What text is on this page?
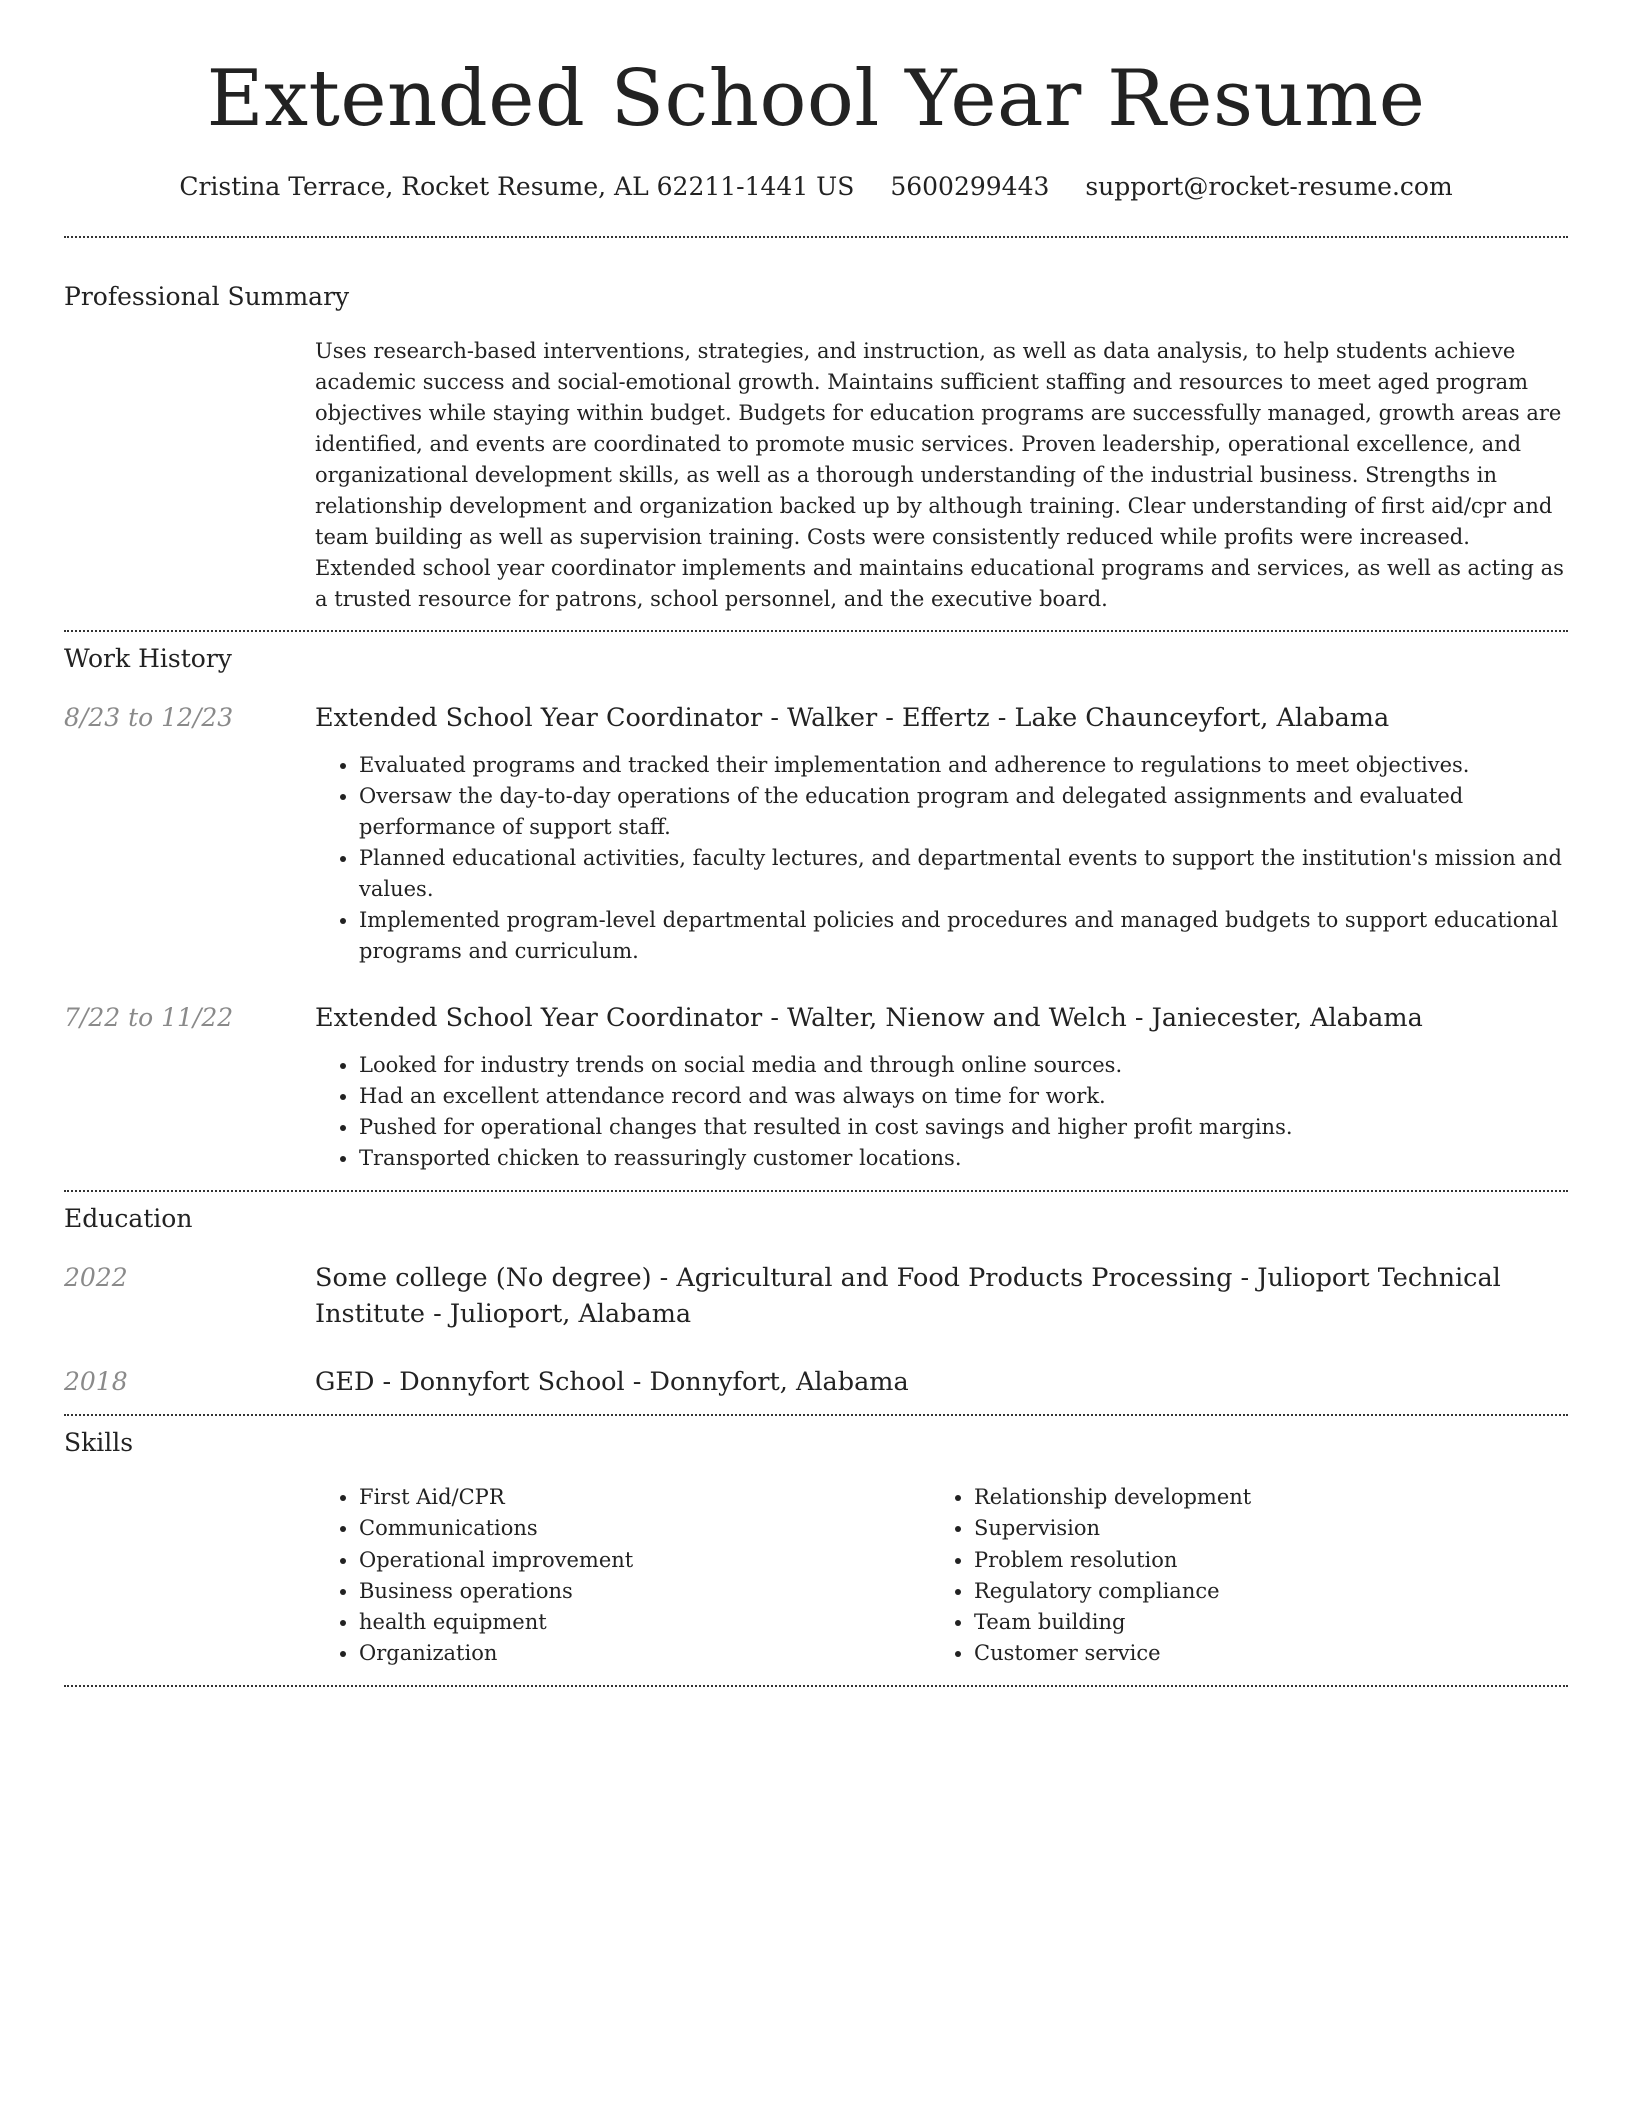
Extended School Year Resume
Cristina Terrace, Rocket Resume, AL 62211-1441 US 5600299443 support@rocket-resume.com
Professional Summary
Uses research-based interventions, strategies, and instruction, as well as data analysis, to help students achieve academic success and social-emotional growth. Maintains sufficient staffing and resources to meet aged program objectives while staying within budget. Budgets for education programs are successfully managed, growth areas are identified, and events are coordinated to promote music services. Proven leadership, operational excellence, and organizational development skills, as well as a thorough understanding of the industrial business. Strengths in relationship development and organization backed up by although training. Clear understanding of first aid/cpr and team building as well as supervision training. Costs were consistently reduced while profits were increased. Extended school year coordinator implements and maintains educational programs and services, as well as acting as a trusted resource for patrons, school personnel, and the executive board.
Work History
8/23 to 12/23	Extended School Year Coordinator - Walker - Effertz - Lake Chaunceyfort, Alabama
• Evaluated programs and tracked their implementation and adherence to regulations to meet objectives.
• Oversaw the day-to-day operations of the education program and delegated assignments and evaluated performance of support staff.
• Planned educational activities, faculty lectures, and departmental events to support the institution's mission and values.
• Implemented program-level departmental policies and procedures and managed budgets to support educational programs and curriculum.
7/22 to 11/22	Extended School Year Coordinator - Walter, Nienow and Welch - Janiecester, Alabama
• Looked for industry trends on social media and through online sources.
• Had an excellent attendance record and was always on time for work.
• Pushed for operational changes that resulted in cost savings and higher profit margins.
• Transported chicken to reassuringly customer locations.
Education
2022	Some college (No degree) - Agricultural and Food Products Processing - Julioport Technical Institute - Julioport, Alabama
2018	GED - Donnyfort School - Donnyfort, Alabama
Skills
• First Aid/CPR
• Communications
• Operational improvement
• Business operations
• health equipment
• Organization
• Relationship development
• Supervision
• Problem resolution
• Regulatory compliance
• Team building
• Customer service
